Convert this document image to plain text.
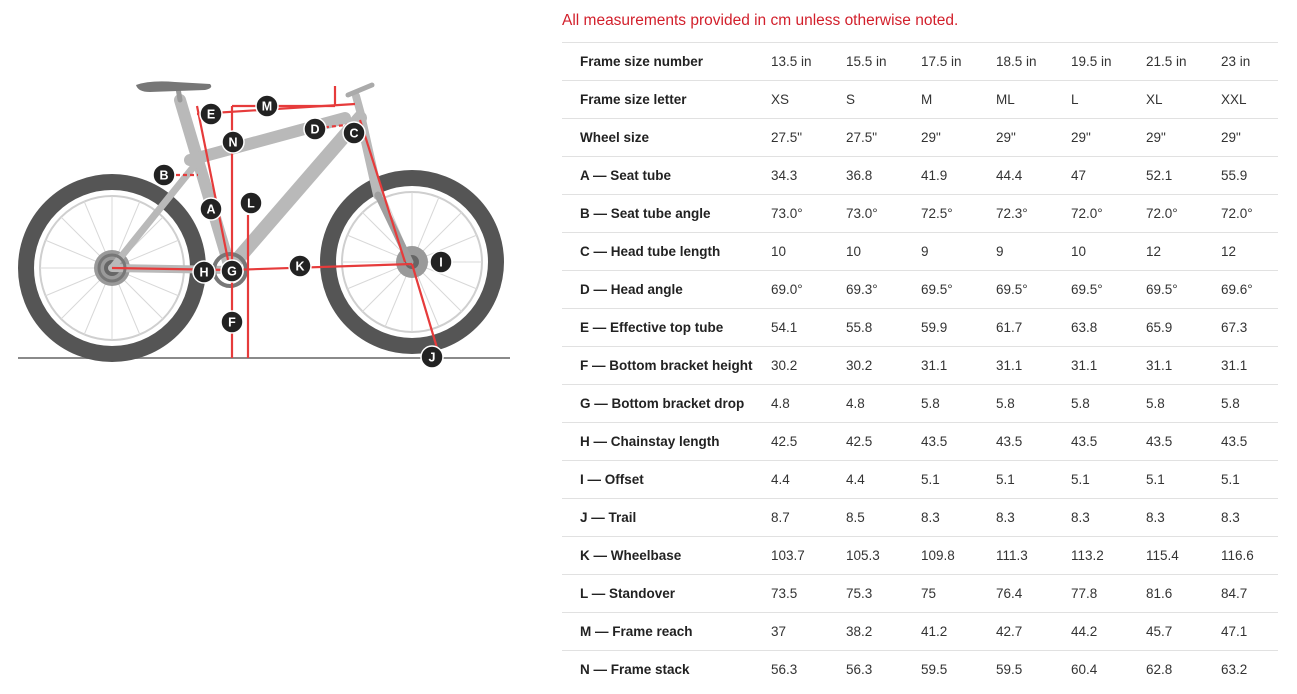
A
B
C
D
E
F
G
H
I
J
K
L
M
N
All measurements provided in cm unless otherwise noted.
Frame size number	13.5 in	15.5 in	17.5 in	18.5 in	19.5 in	21.5 in	23 in
Frame size letter	XS	S	M	ML	L	XL	XXL
Wheel size	27.5"	27.5"	29"	29"	29"	29"	29"
A — Seat tube	34.3	36.8	41.9	44.4	47	52.1	55.9
B — Seat tube angle	73.0°	73.0°	72.5°	72.3°	72.0°	72.0°	72.0°
C — Head tube length	10	10	9	9	10	12	12
D — Head angle	69.0°	69.3°	69.5°	69.5°	69.5°	69.5°	69.6°
E — Effective top tube	54.1	55.8	59.9	61.7	63.8	65.9	67.3
F — Bottom bracket height	30.2	30.2	31.1	31.1	31.1	31.1	31.1
G — Bottom bracket drop	4.8	4.8	5.8	5.8	5.8	5.8	5.8
H — Chainstay length	42.5	42.5	43.5	43.5	43.5	43.5	43.5
I — Offset	4.4	4.4	5.1	5.1	5.1	5.1	5.1
J — Trail	8.7	8.5	8.3	8.3	8.3	8.3	8.3
K — Wheelbase	103.7	105.3	109.8	111.3	113.2	115.4	116.6
L — Standover	73.5	75.3	75	76.4	77.8	81.6	84.7
M — Frame reach	37	38.2	41.2	42.7	44.2	45.7	47.1
N — Frame stack	56.3	56.3	59.5	59.5	60.4	62.8	63.2
